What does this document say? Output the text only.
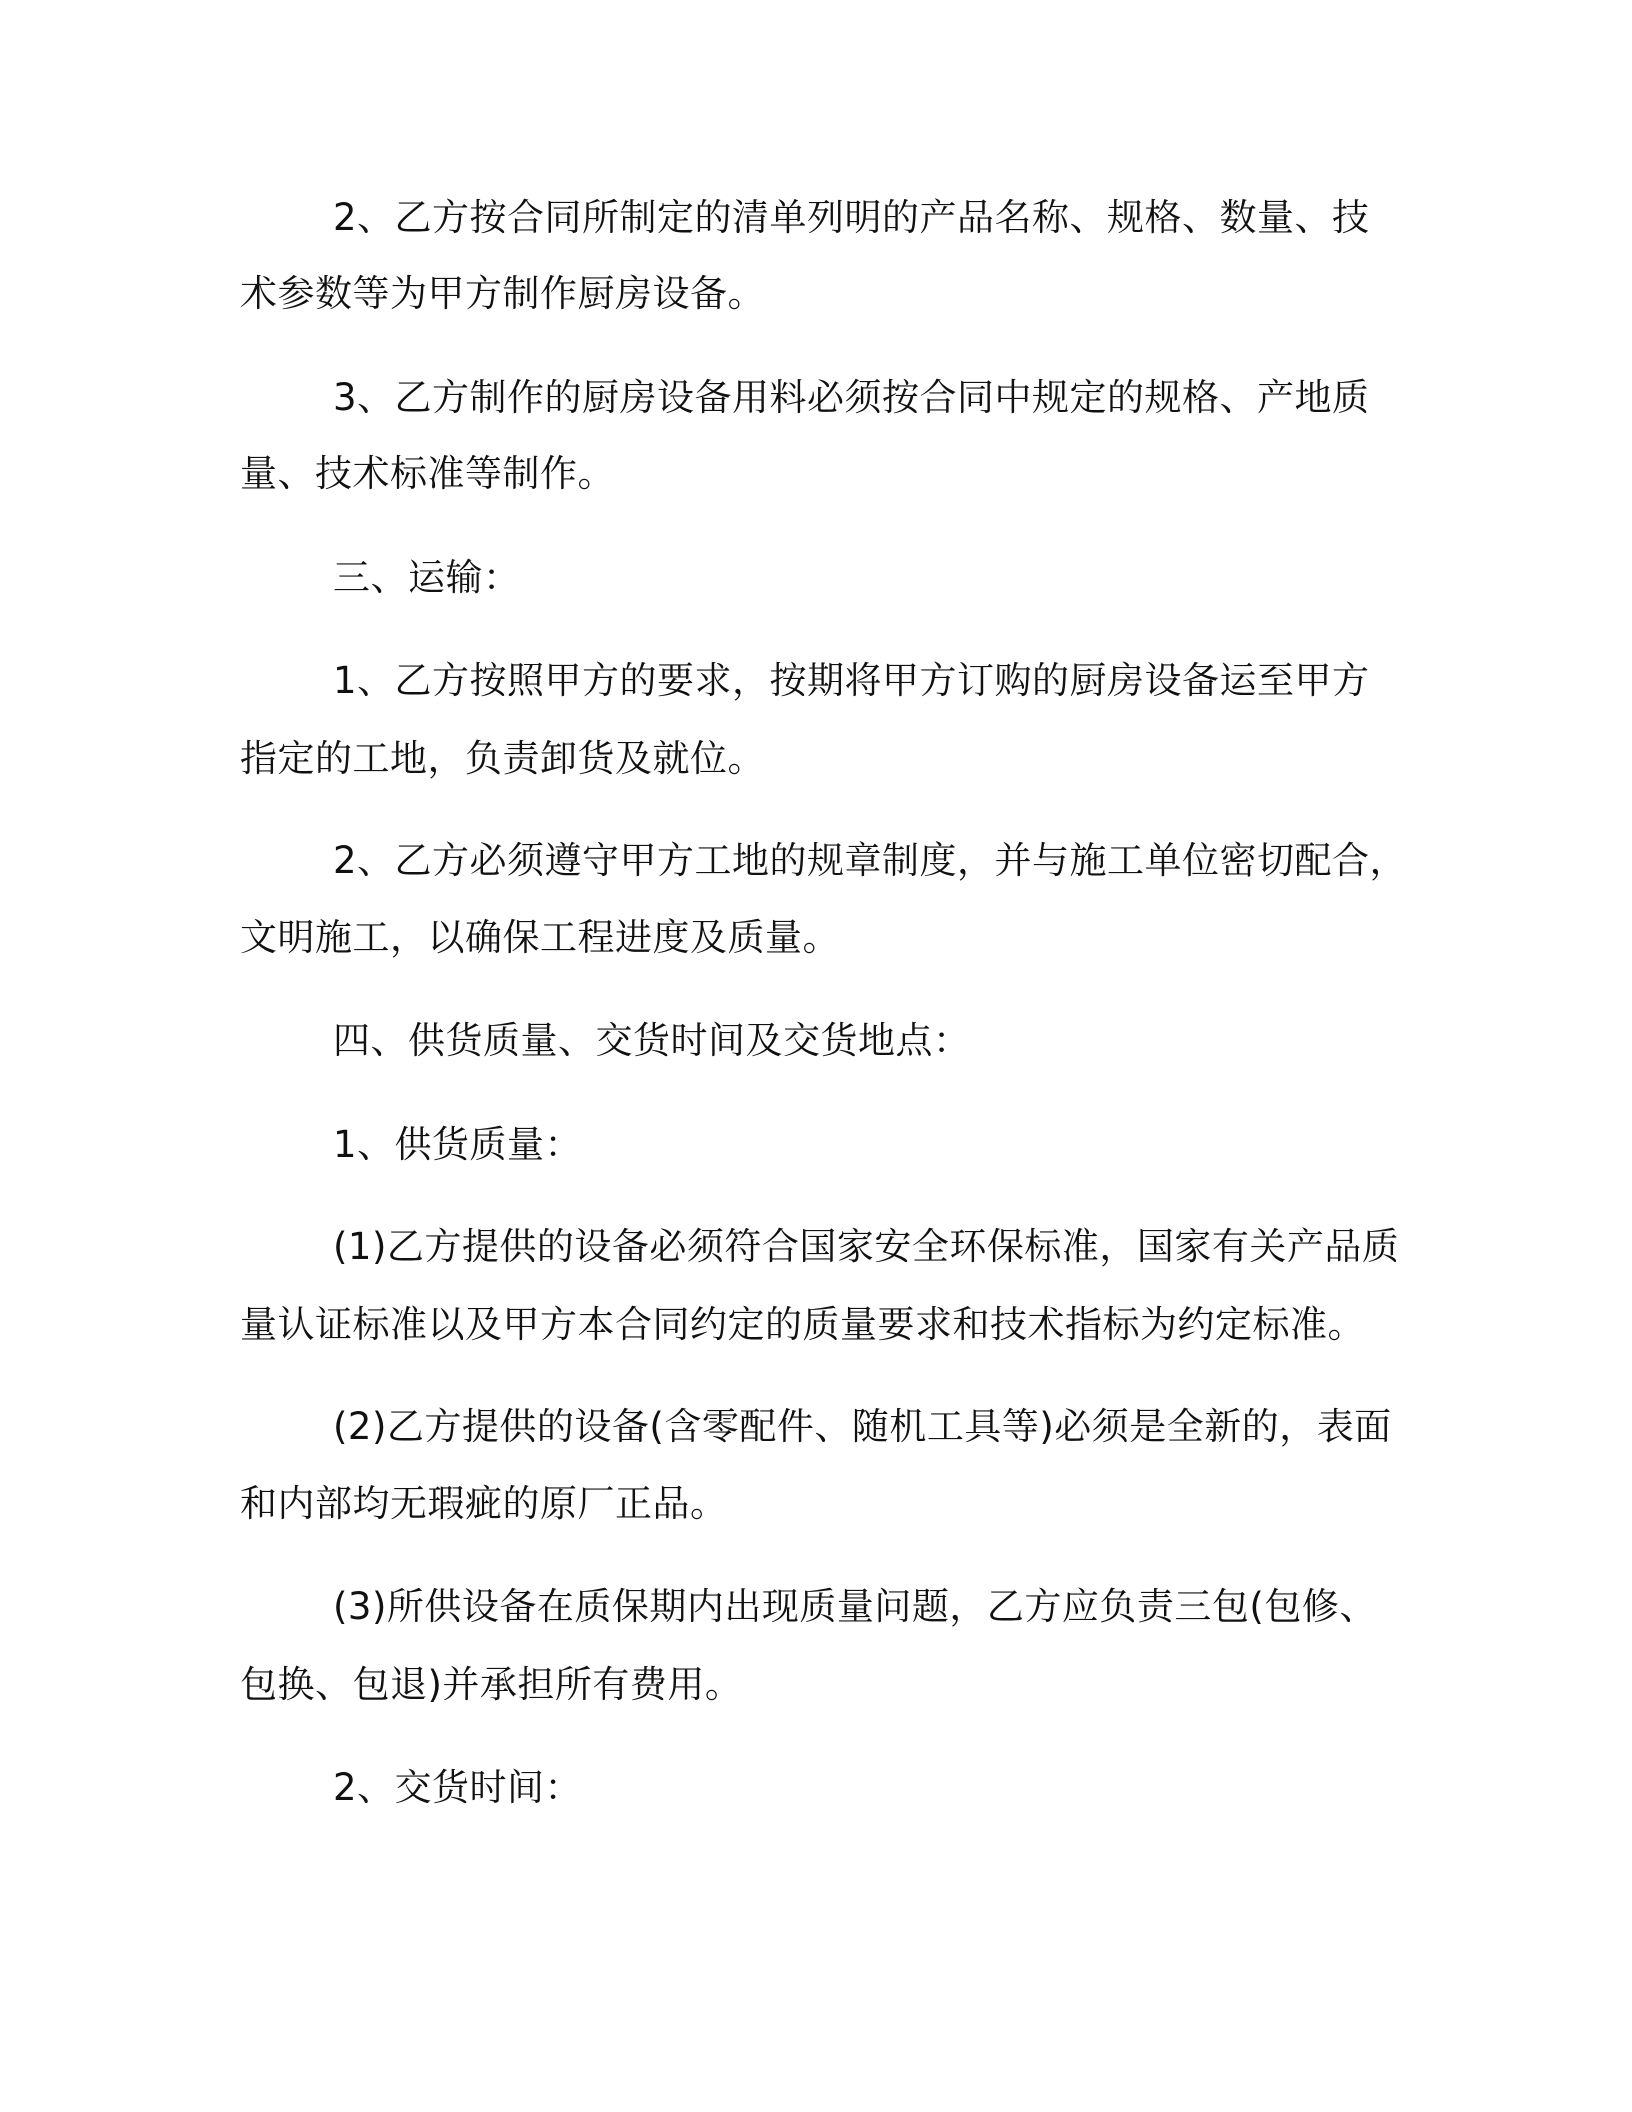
2、乙方按合同所制定的清单列明的产品名称、规格、数量、技

术参数等为甲方制作厨房设备。

3、乙方制作的厨房设备用料必须按合同中规定的规格、产地质

量、技术标准等制作。

三、运输：

1、乙方按照甲方的要求，按期将甲方订购的厨房设备运至甲方

指定的工地，负责卸货及就位。

2、乙方必须遵守甲方工地的规章制度，并与施工单位密切配合，

文明施工，以确保工程进度及质量。

四、供货质量、交货时间及交货地点：

1、供货质量：

(1)乙方提供的设备必须符合国家安全环保标准，国家有关产品质

量认证标准以及甲方本合同约定的质量要求和技术指标为约定标准。

(2)乙方提供的设备(含零配件、随机工具等)必须是全新的，表面

和内部均无瑕疵的原厂正品。

(3)所供设备在质保期内出现质量问题，乙方应负责三包(包修、

包换、包退)并承担所有费用。

2、交货时间：
